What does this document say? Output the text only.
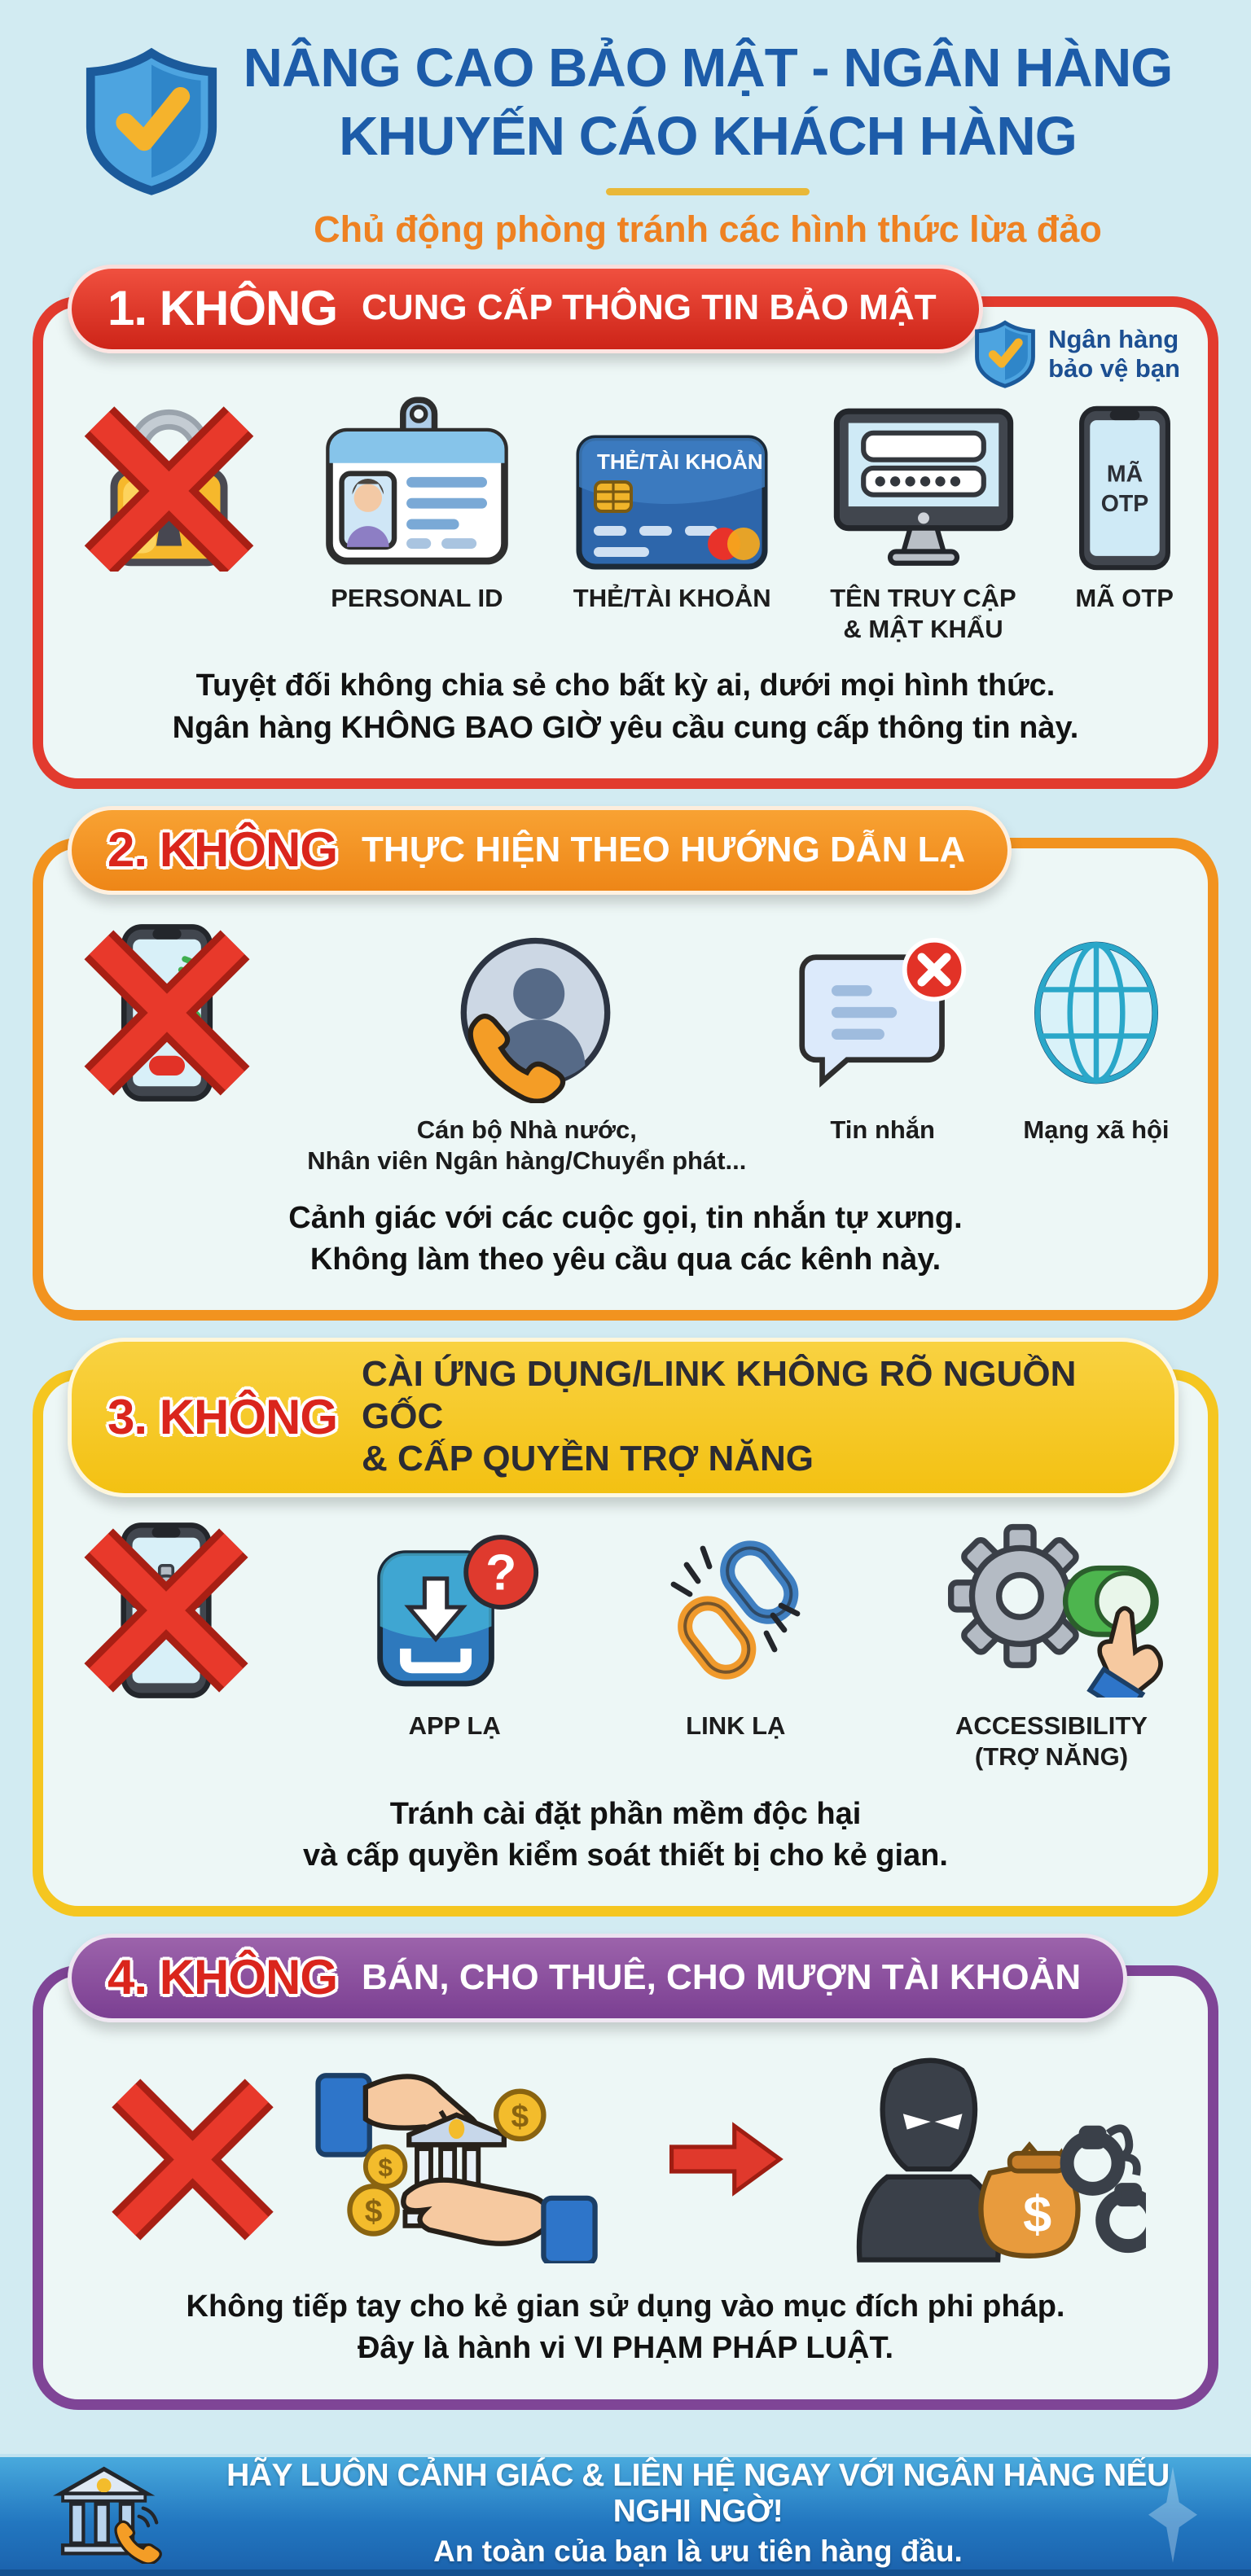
NÂNG CAO BẢO MẬT - NGÂN HÀNG
KHUYẾN CÁO KHÁCH HÀNG
Chủ động phòng tránh các hình thức lừa đảo
1. KHÔNG CUNG CẤP THÔNG TIN BẢO MẬT
Ngân hàng
bảo vệ bạn
PERSONAL ID
THẺ/TÀI KHOẢN
THẺ/TÀI KHOẢN TÊN TRUY CẬP
& MẬT KHẨU
MÃ
OTP
MÃ OTP

Tuyệt đối không chia sẻ cho bất kỳ ai, dưới mọi hình thức.
Ngân hàng KHÔNG BAO GIỜ yêu cầu cung cấp thông tin này.

2. KHÔNG THỰC HIỆN THEO HƯỚNG DẪN LẠ
Cán bộ Nhà nước,
Nhân viên Ngân hàng/Chuyển phát...
Tin nhắn	Mạng xã hội

Cảnh giác với các cuộc gọi, tin nhắn tự xưng.
Không làm theo yêu cầu qua các kênh này.

3. KHÔNG
CÀI ỨNG DỤNG/LINK KHÔNG RÕ NGUỒN GỐC
& CẤP QUYỀN TRỢ NĂNG
?
APP LẠ	LINK LẠ	ACCESSIBILITY
(TRỢ NĂNG)

Tránh cài đặt phần mềm độc hại
và cấp quyền kiểm soát thiết bị cho kẻ gian.

4. KHÔNG BÁN, CHO THUÊ, CHO MƯỢN TÀI KHOẢN
$
$
$	$

Không tiếp tay cho kẻ gian sử dụng vào mục đích phi pháp.
Đây là hành vi VI PHẠM PHÁP LUẬT.

HÃY LUÔN CẢNH GIÁC & LIÊN HỆ NGAY VỚI NGÂN HÀNG NẾU NGHI NGỜ!
An toàn của bạn là ưu tiên hàng đầu.
